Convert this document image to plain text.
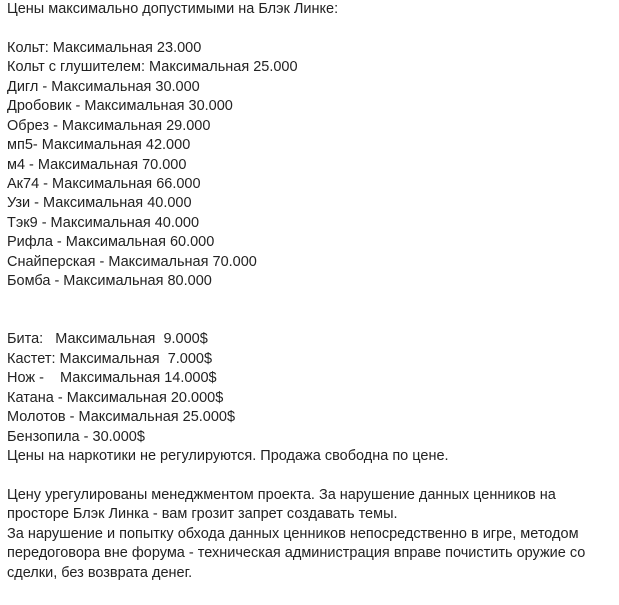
Цены максимально допустимыми на Блэк Линке:
Кольт: Максимальная 23.000
Кольт с глушителем: Максимальная 25.000
Дигл - Максимальная 30.000
Дробовик - Максимальная 30.000
Обрез - Максимальная 29.000
мп5- Максимальная 42.000
м4 - Максимальная 70.000
Ак74 - Максимальная 66.000
Узи - Максимальная 40.000
Тэк9 - Максимальная 40.000
Рифла - Максимальная 60.000
Снайперская - Максимальная 70.000
Бомба - Максимальная 80.000
Бита:   Максимальная  9.000$
Кастет: Максимальная  7.000$
Нож -    Максимальная 14.000$
Катана - Максимальная 20.000$
Молотов - Максимальная 25.000$
Бензопила - 30.000$
Цены на наркотики не регулируются. Продажа свободна по цене.
Цену урегулированы менеджментом проекта. За нарушение данных ценников на
просторе Блэк Линка - вам грозит запрет создавать темы.
За нарушение и попытку обхода данных ценников непосредственно в игре, методом
передоговора вне форума - техническая администрация вправе почистить оружие со
сделки, без возврата денег.
